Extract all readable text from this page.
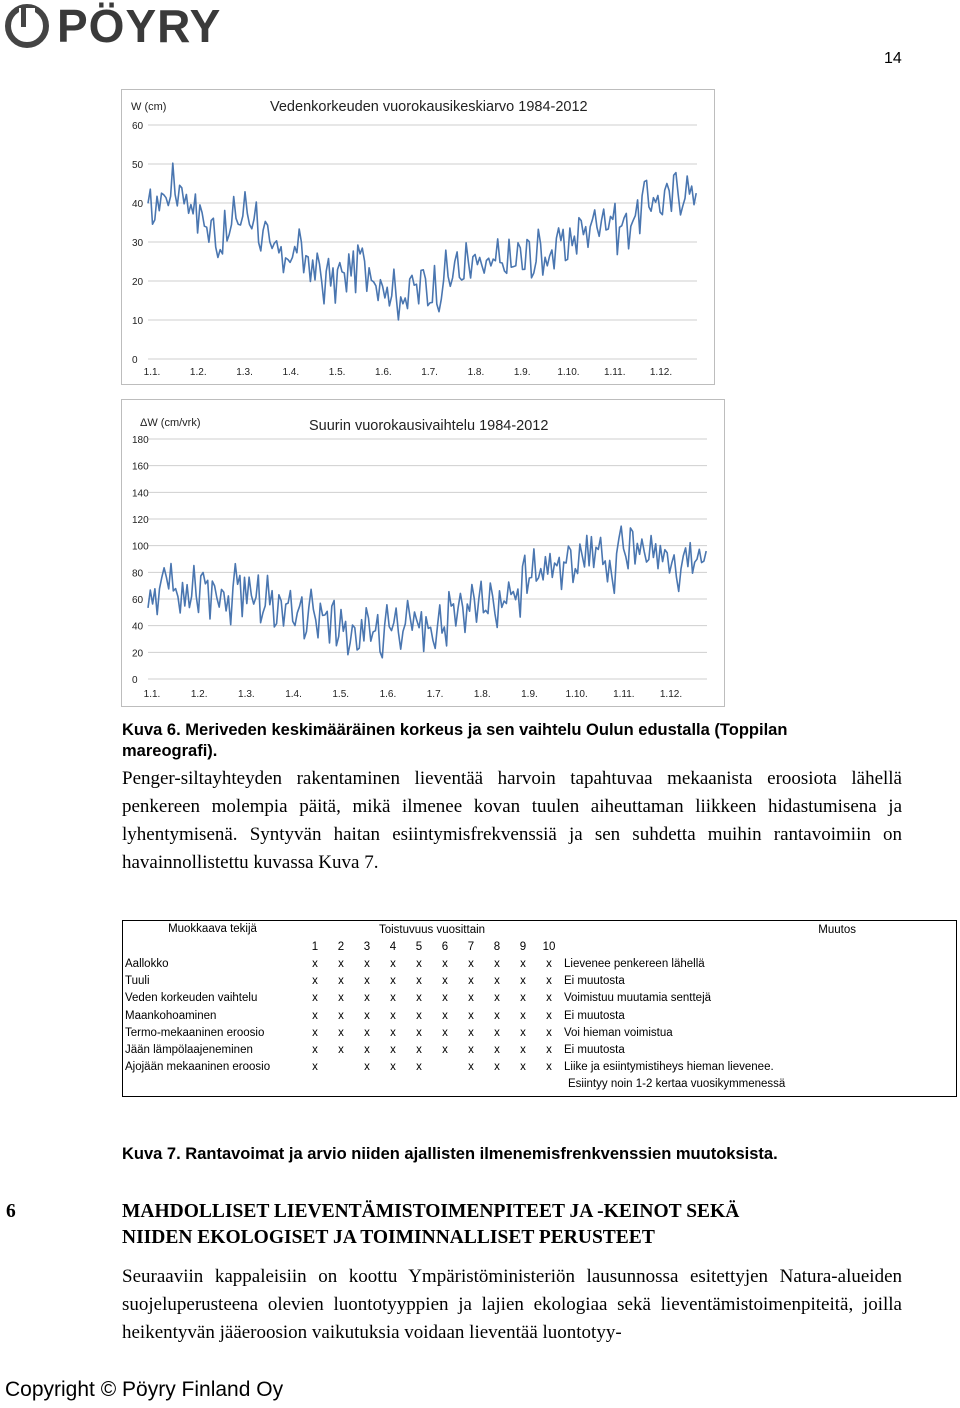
PÖYRY
14
W (cm)	Vedenkorkeuden vuorokausikeskiarvo 1984-2012
60
50
40
30
20
10
0
1.1.	1.2.	1.3.	1.4.	1.5.	1.6.	1.7.	1.8.	1.9.	1.10. 1.11. 1.12.
ΔW (cm/vrk)	Suurin vuorokausivaihtelu 1984-2012
180
160
140
120
100
80
60
40
20
0
1.1.	1.2.	1.3.	1.4.	1.5.	1.6.	1.7.	1.8.	1.9.	1.10.	1.11.	1.12.
Kuva 6. Meriveden keskimääräinen korkeus ja sen vaihtelu Oulun edustalla (Toppilan mareografi).
Penger-siltayhteyden rakentaminen lieventää harvoin tapahtuvaa mekaanista eroosiota lähellä penkereen molempia päitä, mikä ilmenee kovan tuulen aiheuttaman liikkeen hidastumisena ja lyhentymisenä. Syntyvän haitan esiintymisfrekvenssiä ja sen suhdetta muihin rantavoimiin on havainnollistettu kuvassa Kuva 7.
Muokkaava tekijä	Toistuvuus vuosittain										Muutos
	1	2	3	4	5	6	7	8	9	10	
Aallokko	x	x	x	x	x	x	x	x	x	x	Lievenee penkereen lähellä
Tuuli	x	x	x	x	x	x	x	x	x	x	Ei muutosta
Veden korkeuden vaihtelu	x	x	x	x	x	x	x	x	x	x	Voimistuu muutamia senttejä
Maankohoaminen	x	x	x	x	x	x	x	x	x	x	Ei muutosta
Termo-mekaaninen eroosio	x	x	x	x	x	x	x	x	x	x	Voi hieman voimistua
Jään lämpölaajeneminen	x	x	x	x	x	x	x	x	x	x	Ei muutosta
Ajojään mekaaninen eroosio	x		x	x	x		x	x	x	x	Liike ja esiintymistiheys hieman lievenee.
											Esiintyy noin 1-2 kertaa vuosikymmenessä
Kuva 7. Rantavoimat ja arvio niiden ajallisten ilmenemisfrenkvenssien muutoksista.
6	MAHDOLLISET LIEVENTÄMISTOIMENPITEET JA -KEINOT SEKÄ
NIIDEN EKOLOGISET JA TOIMINNALLISET PERUSTEET
Seuraaviin kappaleisiin on koottu Ympäristöministeriön lausunnossa esitettyjen Natura-alueiden suojeluperusteena olevien luontotyyppien ja lajien ekologiaa sekä lieventämistoimenpiteitä, joilla heikentyvän jääeroosion vaikutuksia voidaan lieventää luontotyy-
Copyright © Pöyry Finland Oy
